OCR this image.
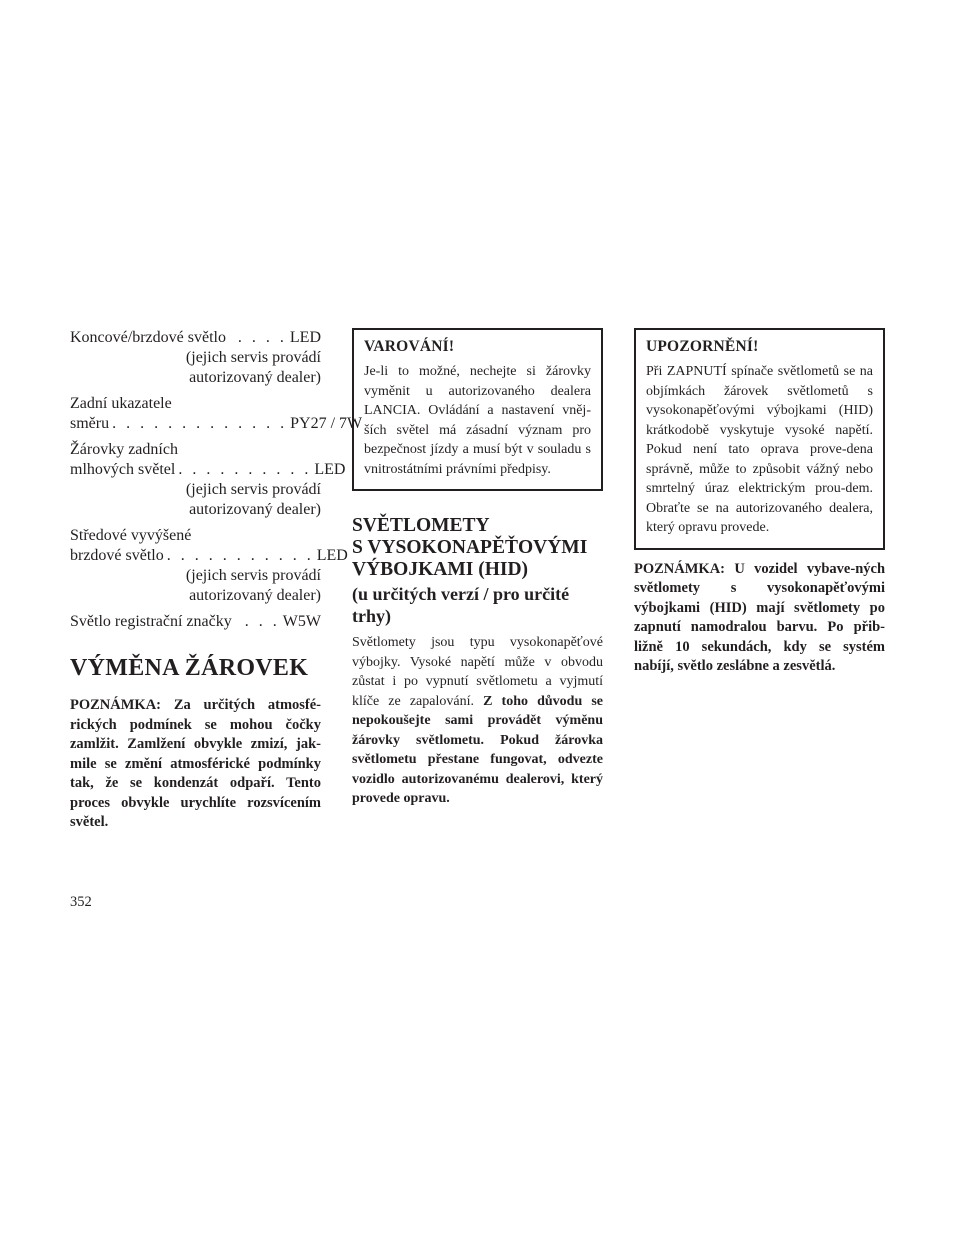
Koncové/brzdové světlo . . . . LED
(jejich servis provádí
autorizovaný dealer)
Zadní ukazatele
směru . . . . . . . . . . . . . PY27 / 7W
Žárovky zadních
mlhových světel . . . . . . . . . . LED
(jejich servis provádí
autorizovaný dealer)
Středové vyvýšené
brzdové světlo . . . . . . . . . . . LED
(jejich servis provádí
autorizovaný dealer)
Světlo registrační značky . . . W5W
VÝMĚNA ŽÁROVEK

POZNÁMKA: Za určitých atmosfé-rických podmínek se mohou čočky zamlžit. Zamlžení obvykle zmizí, jak-mile se změní atmosférické podmínky tak, že se kondenzát odpaří. Tento proces obvykle urychlíte rozsvícením světel.

VAROVÁNÍ!

Je-li to možné, nechejte si žárovky vyměnit u autorizovaného dealera LANCIA. Ovládání a nastavení vněj-ších světel má zásadní význam pro bezpečnost jízdy a musí být v souladu s vnitrostátními právními předpisy.

SVĚTLOMETY
S VYSOKONAPĚŤOVÝMI
VÝBOJKAMI (HID)
(u určitých verzí / pro určité trhy)

Světlomety jsou typu vysokonapěťové výbojky. Vysoké napětí může v obvodu zůstat i po vypnutí světlometu a vyjmutí klíče ze zapalování. Z toho důvodu se nepokoušejte sami provádět výměnu žárovky světlometu. Pokud žárovka světlometu přestane fungovat, odvezte vozidlo autorizovanému dealerovi, který provede opravu.

UPOZORNĚNÍ!

Při ZAPNUTÍ spínače světlometů se na objímkách žárovek světlometů s vysokonapěťovými výbojkami (HID) krátkodobě vyskytuje vysoké napětí. Pokud není tato oprava prove-dena správně, může to způsobit vážný nebo smrtelný úraz elektrickým prou-dem. Obraťte se na autorizovaného dealera, který opravu provede.

POZNÁMKA: U vozidel vybave-ných světlomety s vysokonapěťovými výbojkami (HID) mají světlomety po zapnutí namodralou barvu. Po přib-ližně 10 sekundách, kdy se systém nabíjí, světlo zeslábne a zesvětlá.

352
